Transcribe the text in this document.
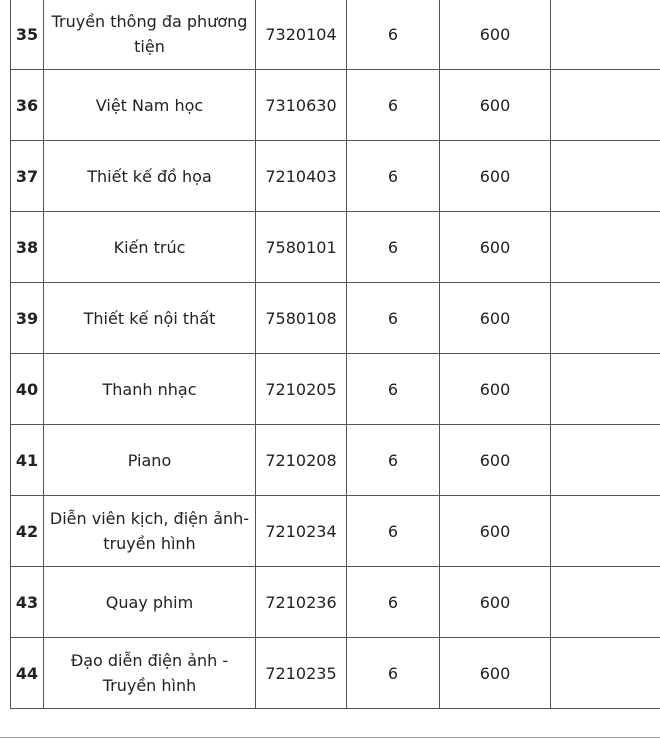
35	Truyền thông đa phương tiện	7320104	6	600	
36	Việt Nam học	7310630	6	600	
37	Thiết kế đồ họa	7210403	6	600	
38	Kiến trúc	7580101	6	600	
39	Thiết kế nội thất	7580108	6	600	
40	Thanh nhạc	7210205	6	600	
41	Piano	7210208	6	600	
42	Diễn viên kịch, điện ảnh-truyền hình	7210234	6	600	
43	Quay phim	7210236	6	600	
44	Đạo diễn điện ảnh - Truyền hình	7210235	6	600	
